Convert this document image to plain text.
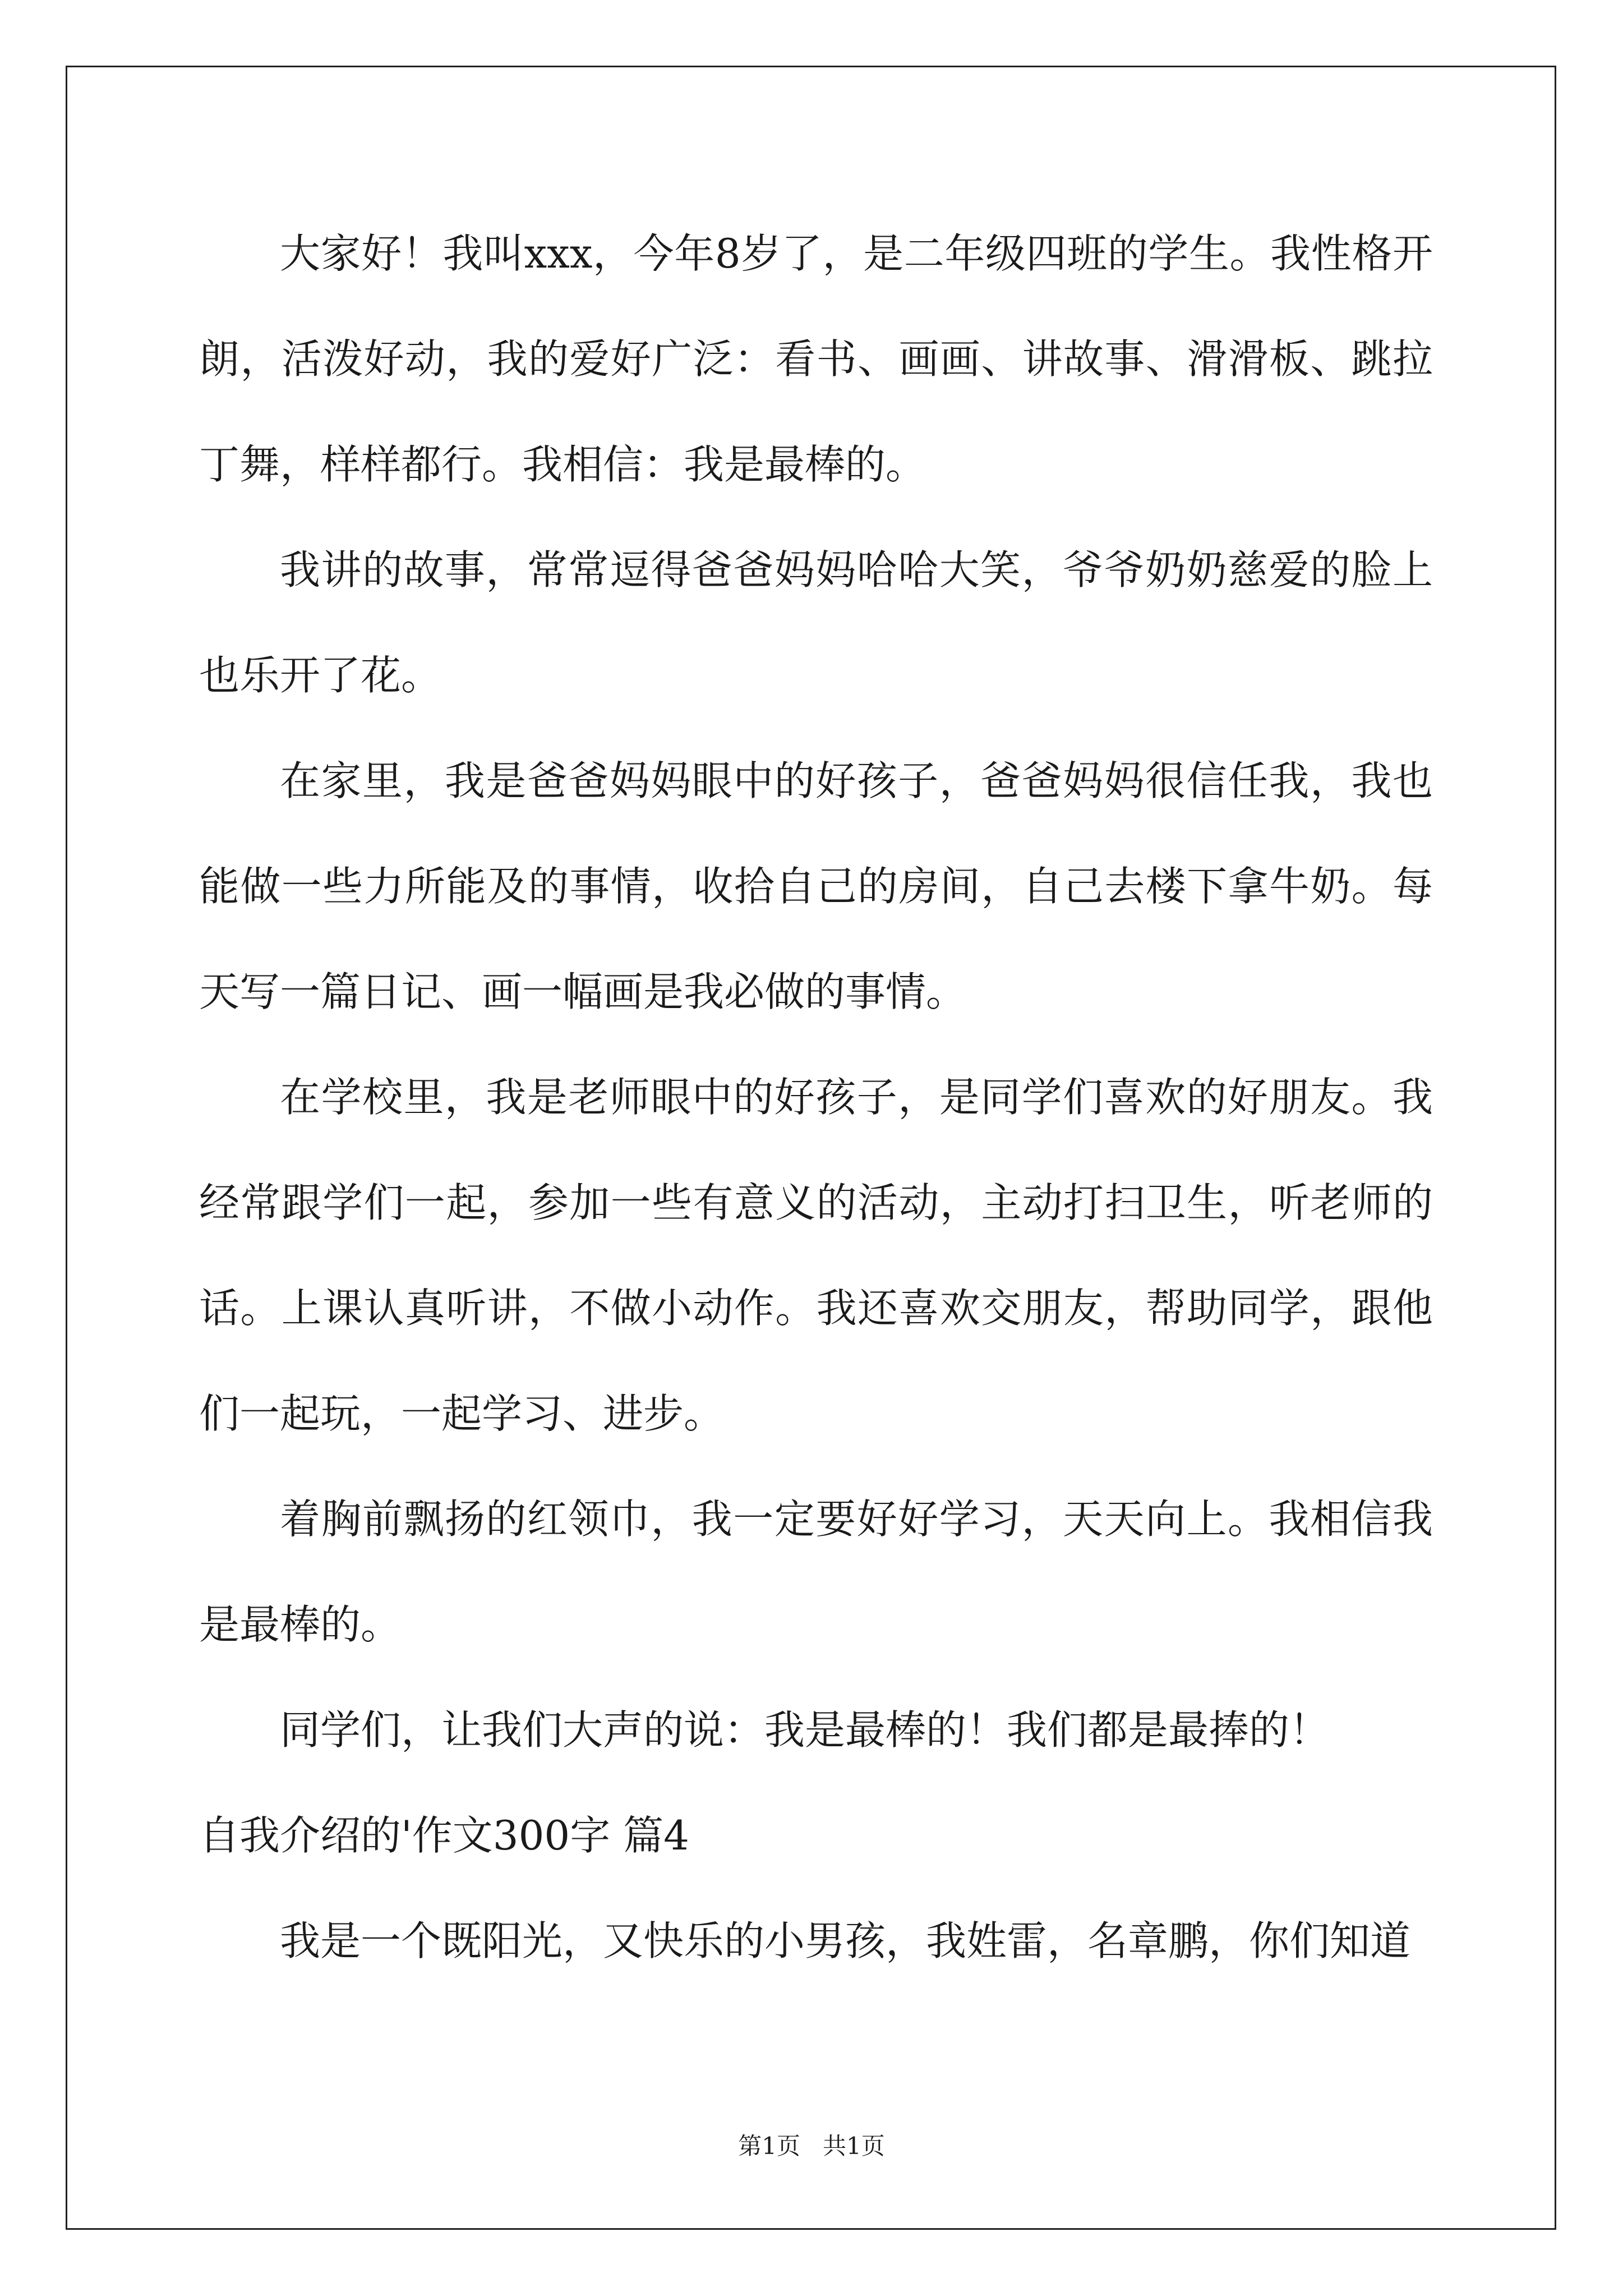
大家好！我叫xxx，今年8岁了，是二年级四班的学生。我性格开朗，活泼好动，我的爱好广泛：看书、画画、讲故事、滑滑板、跳拉丁舞，样样都行。我相信：我是最棒的。

我讲的故事，常常逗得爸爸妈妈哈哈大笑，爷爷奶奶慈爱的脸上也乐开了花。

在家里，我是爸爸妈妈眼中的好孩子，爸爸妈妈很信任我，我也能做一些力所能及的事情，收拾自己的房间，自己去楼下拿牛奶。每天写一篇日记、画一幅画是我必做的事情。

在学校里，我是老师眼中的好孩子，是同学们喜欢的好朋友。我经常跟学们一起，参加一些有意义的活动，主动打扫卫生，听老师的话。上课认真听讲，不做小动作。我还喜欢交朋友，帮助同学，跟他们一起玩，一起学习、进步。

着胸前飘扬的红领巾，我一定要好好学习，天天向上。我相信我是最棒的。

同学们，让我们大声的说：我是最棒的！我们都是最捧的！

自我介绍的'作文300字 篇4

我是一个既阳光，又快乐的小男孩，我姓雷，名章鹏，你们知道

第1页   共1页
